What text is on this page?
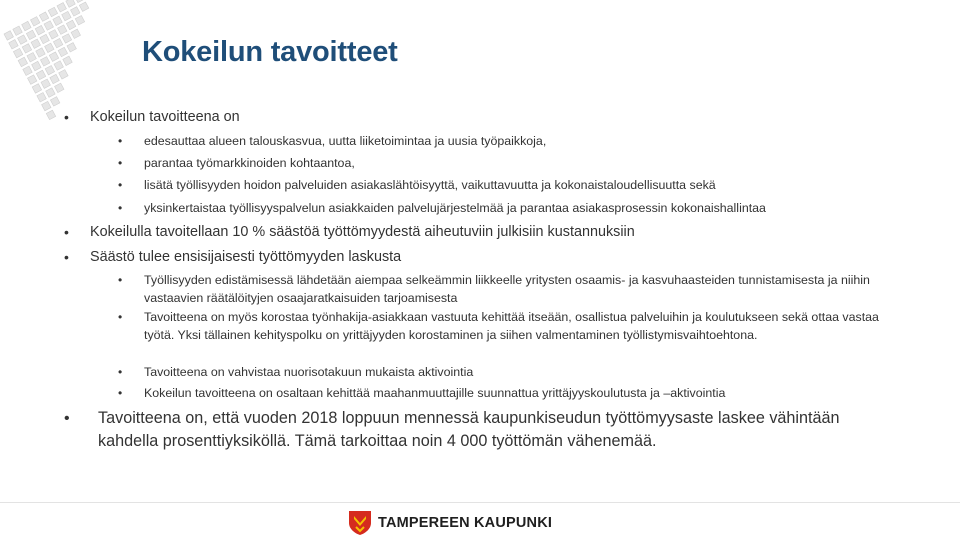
Kokeilun tavoitteet
• Kokeilun tavoitteena on
• edesauttaa alueen talouskasvua, uutta liiketoimintaa ja uusia työpaikkoja,
• parantaa työmarkkinoiden kohtaantoa,
• lisätä työllisyyden hoidon palveluiden asiakaslähtöisyyttä, vaikuttavuutta ja kokonaistaloudellisuutta sekä
• yksinkertaistaa työllisyyspalvelun asiakkaiden palvelujärjestelmää ja parantaa asiakasprosessin kokonaishallintaa
• Kokeilulla tavoitellaan 10 % säästöä työttömyydestä aiheutuviin julkisiin kustannuksiin
• Säästö tulee ensisijaisesti työttömyyden laskusta
• Työllisyyden edistämisessä lähdetään aiempaa selkeämmin liikkeelle yritysten osaamis- ja kasvuhaasteiden tunnistamisesta ja niihin vastaavien räätälöityjen osaajaratkaisuiden tarjoamisesta
• Tavoitteena on myös korostaa työnhakija-asiakkaan vastuuta kehittää itseään, osallistua palveluihin ja koulutukseen sekä ottaa vastaa työtä. Yksi tällainen kehityspolku on yrittäjyyden korostaminen ja siihen valmentaminen työllistymisvaihtoehtona.
• Tavoitteena on vahvistaa nuorisotakuun mukaista aktivointia
• Kokeilun tavoitteena on osaltaan kehittää maahanmuuttajille suunnattua yrittäjyyskoulutusta ja –aktivointia
• Tavoitteena on, että vuoden 2018 loppuun mennessä kaupunkiseudun työttömyysaste laskee vähintään kahdella prosenttiyksiköllä. Tämä tarkoittaa noin 4 000 työttömän vähenemää.
TAMPEREEN KAUPUNKI
